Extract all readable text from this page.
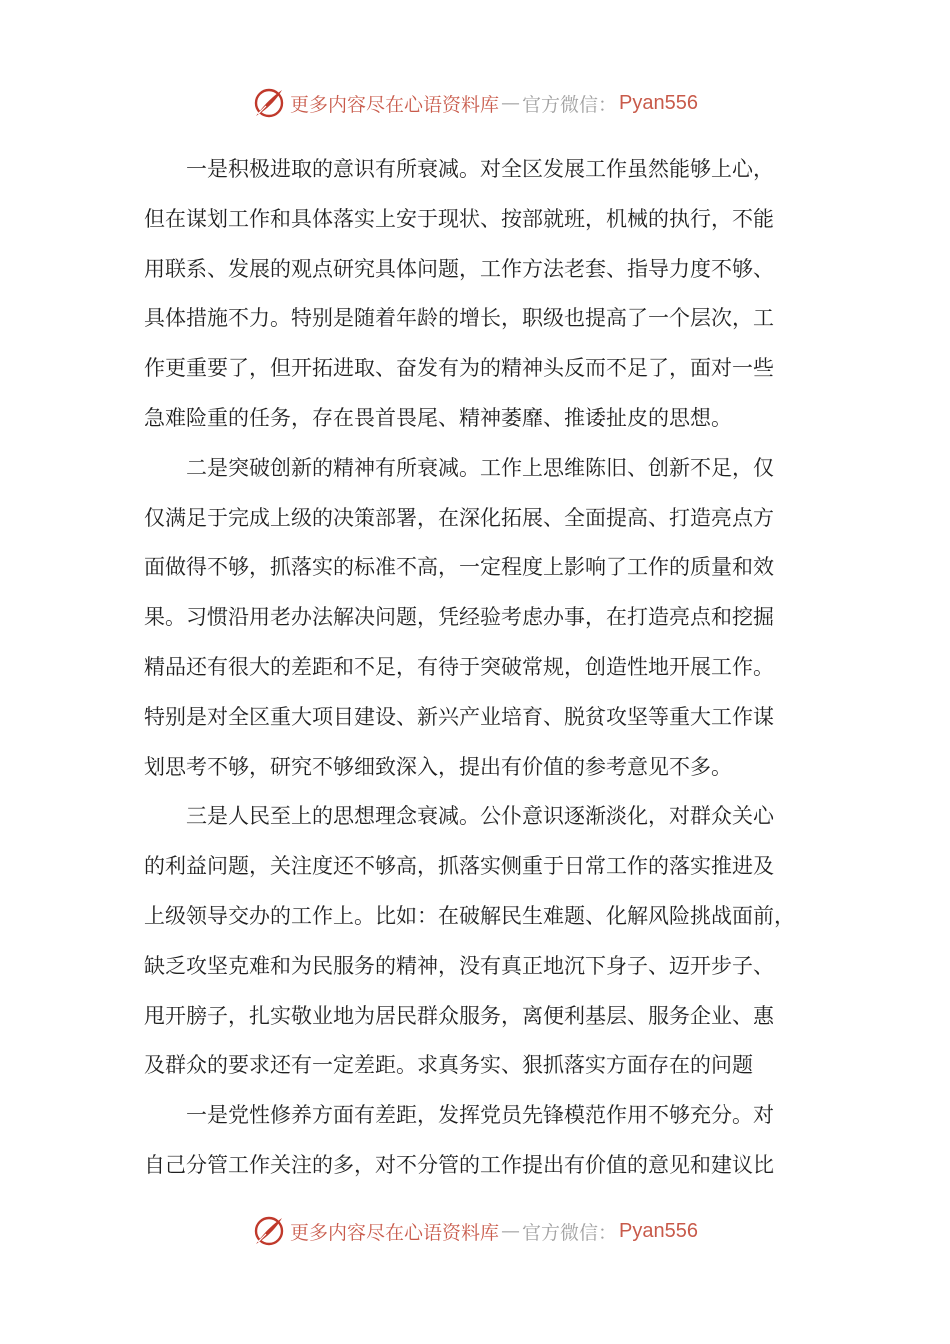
更多内容尽在心语资料库 — 官方微信： Pyan556
一是积极进取的意识有所衰减。对全区发展工作虽然能够上心，
但在谋划工作和具体落实上安于现状、按部就班，机械的执行，不能
用联系、发展的观点研究具体问题，工作方法老套、指导力度不够、
具体措施不力。特别是随着年龄的增长，职级也提高了一个层次，工
作更重要了，但开拓进取、奋发有为的精神头反而不足了，面对一些
急难险重的任务，存在畏首畏尾、精神萎靡、推诿扯皮的思想。
二是突破创新的精神有所衰减。工作上思维陈旧、创新不足，仅
仅满足于完成上级的决策部署，在深化拓展、全面提高、打造亮点方
面做得不够，抓落实的标准不高，一定程度上影响了工作的质量和效
果。习惯沿用老办法解决问题，凭经验考虑办事，在打造亮点和挖掘
精品还有很大的差距和不足，有待于突破常规，创造性地开展工作。
特别是对全区重大项目建设、新兴产业培育、脱贫攻坚等重大工作谋
划思考不够，研究不够细致深入，提出有价值的参考意见不多。
三是人民至上的思想理念衰减。公仆意识逐渐淡化，对群众关心
的利益问题，关注度还不够高，抓落实侧重于日常工作的落实推进及
上级领导交办的工作上。比如：在破解民生难题、化解风险挑战面前，
缺乏攻坚克难和为民服务的精神，没有真正地沉下身子、迈开步子、
甩开膀子，扎实敬业地为居民群众服务，离便利基层、服务企业、惠
及群众的要求还有一定差距。求真务实、狠抓落实方面存在的问题
一是党性修养方面有差距，发挥党员先锋模范作用不够充分。对
自己分管工作关注的多，对不分管的工作提出有价值的意见和建议比
更多内容尽在心语资料库 — 官方微信： Pyan556
